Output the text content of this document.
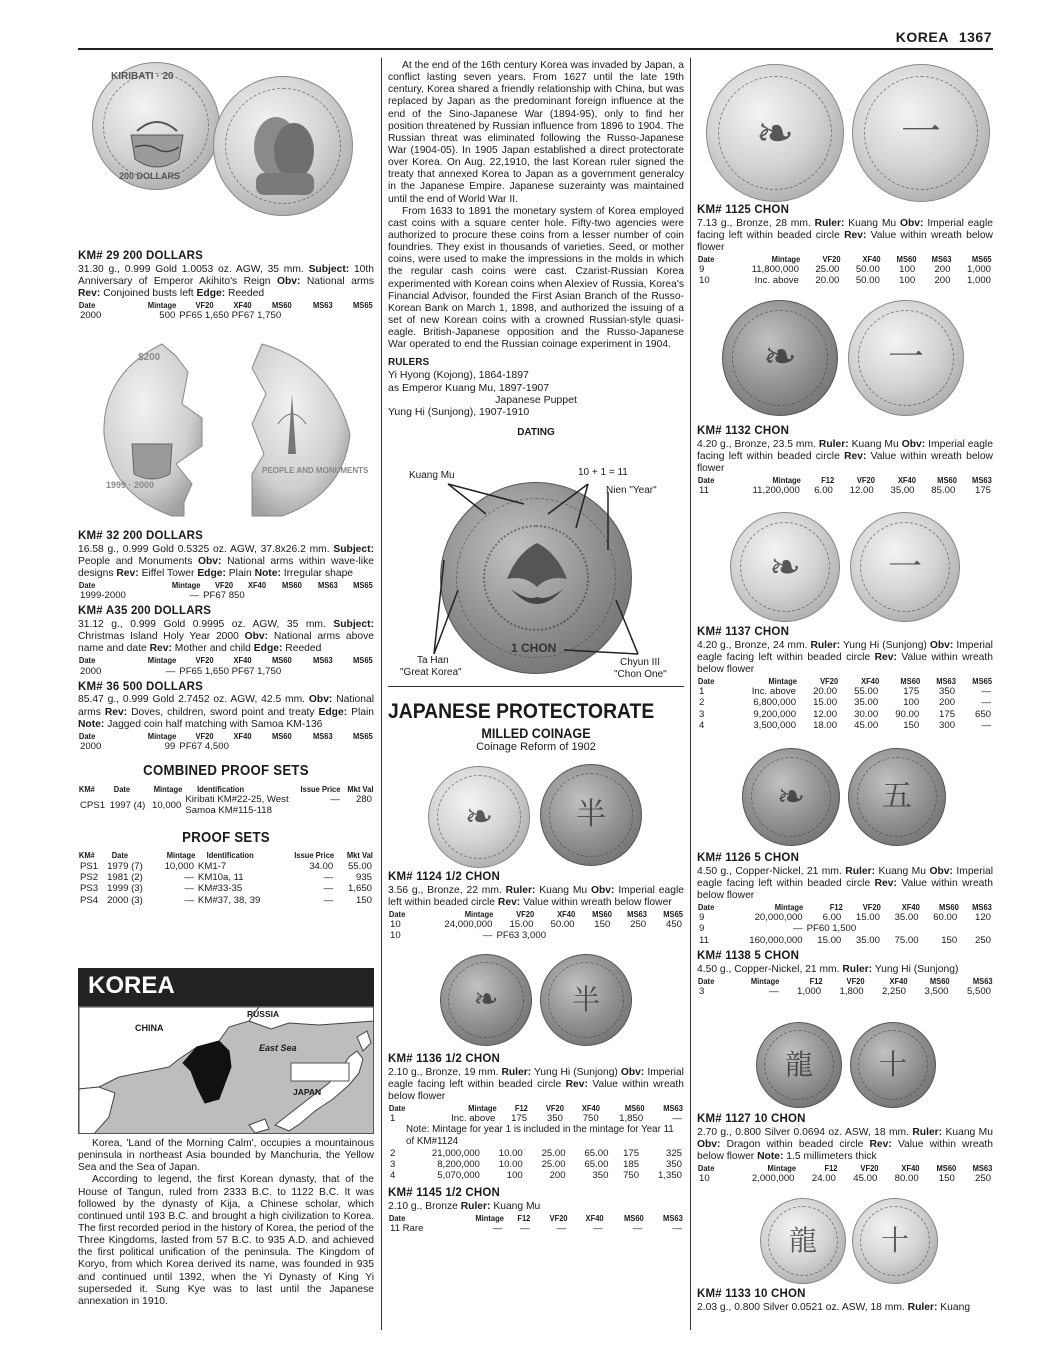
KOREA 1367
KIRIBATI · 20
200 DOLLARS
KM# 29 200 DOLLARS
31.30 g., 0.999 Gold 1.0053 oz. AGW, 35 mm. Subject: 10th Anniversary of Emperor Akihito's Reign Obv: National arms Rev: Conjoined busts left Edge: Reeded
Date	Mintage	VF20	XF40	MS60	MS63	MS65
2000	500	PF65 1,650 PF67 1,750				
$200
PEOPLE AND MONUMENTS
1999 · 2000
KM# 32 200 DOLLARS
16.58 g., 0.999 Gold 0.5325 oz. AGW, 37.8x26.2 mm. Subject: People and Monuments Obv: National arms within wave-like designs Rev: Eiffel Tower Edge: Plain Note: Irregular shape
Date	Mintage	VF20	XF40	MS60	MS63	MS65
1999-2000	—	PF67 850				
KM# A35 200 DOLLARS
31.12 g., 0.999 Gold 0.9995 oz. AGW, 35 mm. Subject: Christmas Island Holy Year 2000 Obv: National arms above name and date Rev: Mother and child Edge: Reeded
Date	Mintage	VF20	XF40	MS60	MS63	MS65
2000	—	PF65 1,650 PF67 1,750				
KM# 36 500 DOLLARS
85.47 g., 0.999 Gold 2.7452 oz. AGW, 42.5 mm. Obv: National arms Rev: Doves, children, sword point and treaty Edge: Plain Note: Jagged coin half matching with Samoa KM-136
Date	Mintage	VF20	XF40	MS60	MS63	MS65
2000	99	PF67 4,500				
COMBINED PROOF SETS
KM#	Date	Mintage	Identification	Issue Price	Mkt Val
CPS1	1997 (4)	10,000	Kiribati KM#22-25, West Samoa KM#115-118	—	280
PROOF SETS
KM#	Date	Mintage	Identification	Issue Price	Mkt Val
PS1	1979 (7)	10,000	KM1-7	34.00	55.00
PS2	1981 (2)	—	KM10a, 11	—	935
PS3	1999 (3)	—	KM#33-35	—	1,650
PS4	2000 (3)	—	KM#37, 38, 39	—	150
KOREA
CHINA
RUSSIA
East Sea
JAPAN
Korea, 'Land of the Morning Calm', occupies a mountainous peninsula in northeast Asia bounded by Manchuria, the Yellow Sea and the Sea of Japan.
According to legend, the first Korean dynasty, that of the House of Tangun, ruled from 2333 B.C. to 1122 B.C. It was followed by the dynasty of Kija, a Chinese scholar, which continued until 193 B.C. and brought a high civilization to Korea. The first recorded period in the history of Korea, the period of the Three Kingdoms, lasted from 57 B.C. to 935 A.D. and achieved the first political unification of the peninsula. The Kingdom of Koryo, from which Korea derived its name, was founded in 935 and continued until 1392, when the Yi Dynasty of King Yi superseded it. Sung Kye was to last until the Japanese annexation in 1910.
At the end of the 16th century Korea was invaded by Japan, a conflict lasting seven years. From 1627 until the late 19th century, Korea shared a friendly relationship with China, but was replaced by Japan as the predominant foreign influence at the end of the Sino-Japanese War (1894-95), only to find her position threatened by Russian influence from 1896 to 1904. The Russian threat was eliminated following the Russo-Japanese War (1904-05). In 1905 Japan established a direct protectorate over Korea. On Aug. 22,1910, the last Korean ruler signed the treaty that annexed Korea to Japan as a government generalcy in the Japanese Empire. Japanese suzerainty was maintained until the end of World War II.
From 1633 to 1891 the monetary system of Korea employed cast coins with a square center hole. Fifty-two agencies were authorized to procure these coins from a lesser number of coin foundries. They exist in thousands of varieties. Seed, or mother coins, were used to make the impressions in the molds in which the regular cash coins were cast. Czarist-Russian Korea experimented with Korean coins when Alexiev of Russia, Korea's Financial Advisor, founded the First Asian Branch of the Russo-Korean Bank on March 1, 1898, and authorized the issuing of a set of new Korean coins with a crowned Russian-style quasi-eagle. British-Japanese opposition and the Russo-Japanese War operated to end the Russian coinage experiment in 1904.
RULERS
Yi Hyong (Kojong), 1864-1897
as Emperor Kuang Mu, 1897-1907
Japanese Puppet
Yung Hi (Sunjong), 1907-1910
DATING
1 CHON
Kuang Mu	10 + 1 = 11
Nien "Year"
Ta Han
"Great Korea"
Chyun III
"Chon One"
JAPANESE PROTECTORATE
MILLED COINAGE
Coinage Reform of 1902
❧	半
KM# 1124 1/2 CHON
3.56 g., Bronze, 22 mm. Ruler: Kuang Mu Obv: Imperial eagle left within beaded circle Rev: Value within wreath below flower
Date	Mintage	VF20	XF40	MS60	MS63	MS65
10	24,000,000	15.00	50.00	150	250	450
10	—	PF63 3,000				
❧	半
KM# 1136 1/2 CHON
2.10 g., Bronze, 19 mm. Ruler: Yung Hi (Sunjong) Obv: Imperial eagle facing left within beaded circle Rev: Value within wreath below flower
Date	Mintage	F12	VF20	XF40	MS60	MS63
1	Inc. above	175	350	750	1,850	—
Note: Mintage for year 1 is included in the mintage for Year 11 of KM#1124
2	21,000,000	10.00	25.00	65.00	175	325
3	8,200,000	10.00	25.00	65.00	185	350
4	5,070,000	100	200	350	750	1,350
KM# 1145 1/2 CHON
2.10 g., Bronze Ruler: Kuang Mu
Date	Mintage	F12	VF20	XF40	MS60	MS63
11 Rare	—	—	—	—	—	—
❧	一
KM# 1125 CHON
7.13 g., Bronze, 28 mm. Ruler: Kuang Mu Obv: Imperial eagle facing left within beaded circle Rev: Value within wreath below flower
Date	Mintage	VF20	XF40	MS60	MS63	MS65
9	11,800,000	25.00	50.00	100	200	1,000
10	Inc. above	20.00	50.00	100	200	1,000
❧	一
KM# 1132 CHON
4.20 g., Bronze, 23.5 mm. Ruler: Kuang Mu Obv: Imperial eagle facing left within beaded circle Rev: Value within wreath below flower
Date	Mintage	F12	VF20	XF40	MS60	MS63
11	11,200,000	6.00	12.00	35.00	85.00	175
❧	一
KM# 1137 CHON
4.20 g., Bronze, 24 mm. Ruler: Yung Hi (Sunjong) Obv: Imperial eagle facing left within beaded circle Rev: Value within wreath below flower
Date	Mintage	VF20	XF40	MS60	MS63	MS65
1	Inc. above	20.00	55.00	175	350	—
2	6,800,000	15.00	35.00	100	200	—
3	9,200,000	12.00	30.00	90.00	175	650
4	3,500,000	18.00	45.00	150	300	—
❧	五
KM# 1126 5 CHON
4.50 g., Copper-Nickel, 21 mm. Ruler: Kuang Mu Obv: Imperial eagle facing left within beaded circle Rev: Value within wreath below flower
Date	Mintage	F12	VF20	XF40	MS60	MS63
9	20,000,000	6.00	15.00	35.00	60.00	120
9	—	PF60 1,500				
11	160,000,000	15.00	35.00	75.00	150	250
KM# 1138 5 CHON
4.50 g., Copper-Nickel, 21 mm. Ruler: Yung Hi (Sunjong)
Date	Mintage	F12	VF20	XF40	MS60	MS63
3	—	1,000	1,800	2,250	3,500	5,500
龍	十
KM# 1127 10 CHON
2.70 g., 0.800 Silver 0.0694 oz. ASW, 18 mm. Ruler: Kuang Mu Obv: Dragon within beaded circle Rev: Value within wreath below flower Note: 1.5 millimeters thick
Date	Mintage	F12	VF20	XF40	MS60	MS63
10	2,000,000	24.00	45.00	80.00	150	250
龍	十
KM# 1133 10 CHON
2.03 g., 0.800 Silver 0.0521 oz. ASW, 18 mm. Ruler: Kuang
